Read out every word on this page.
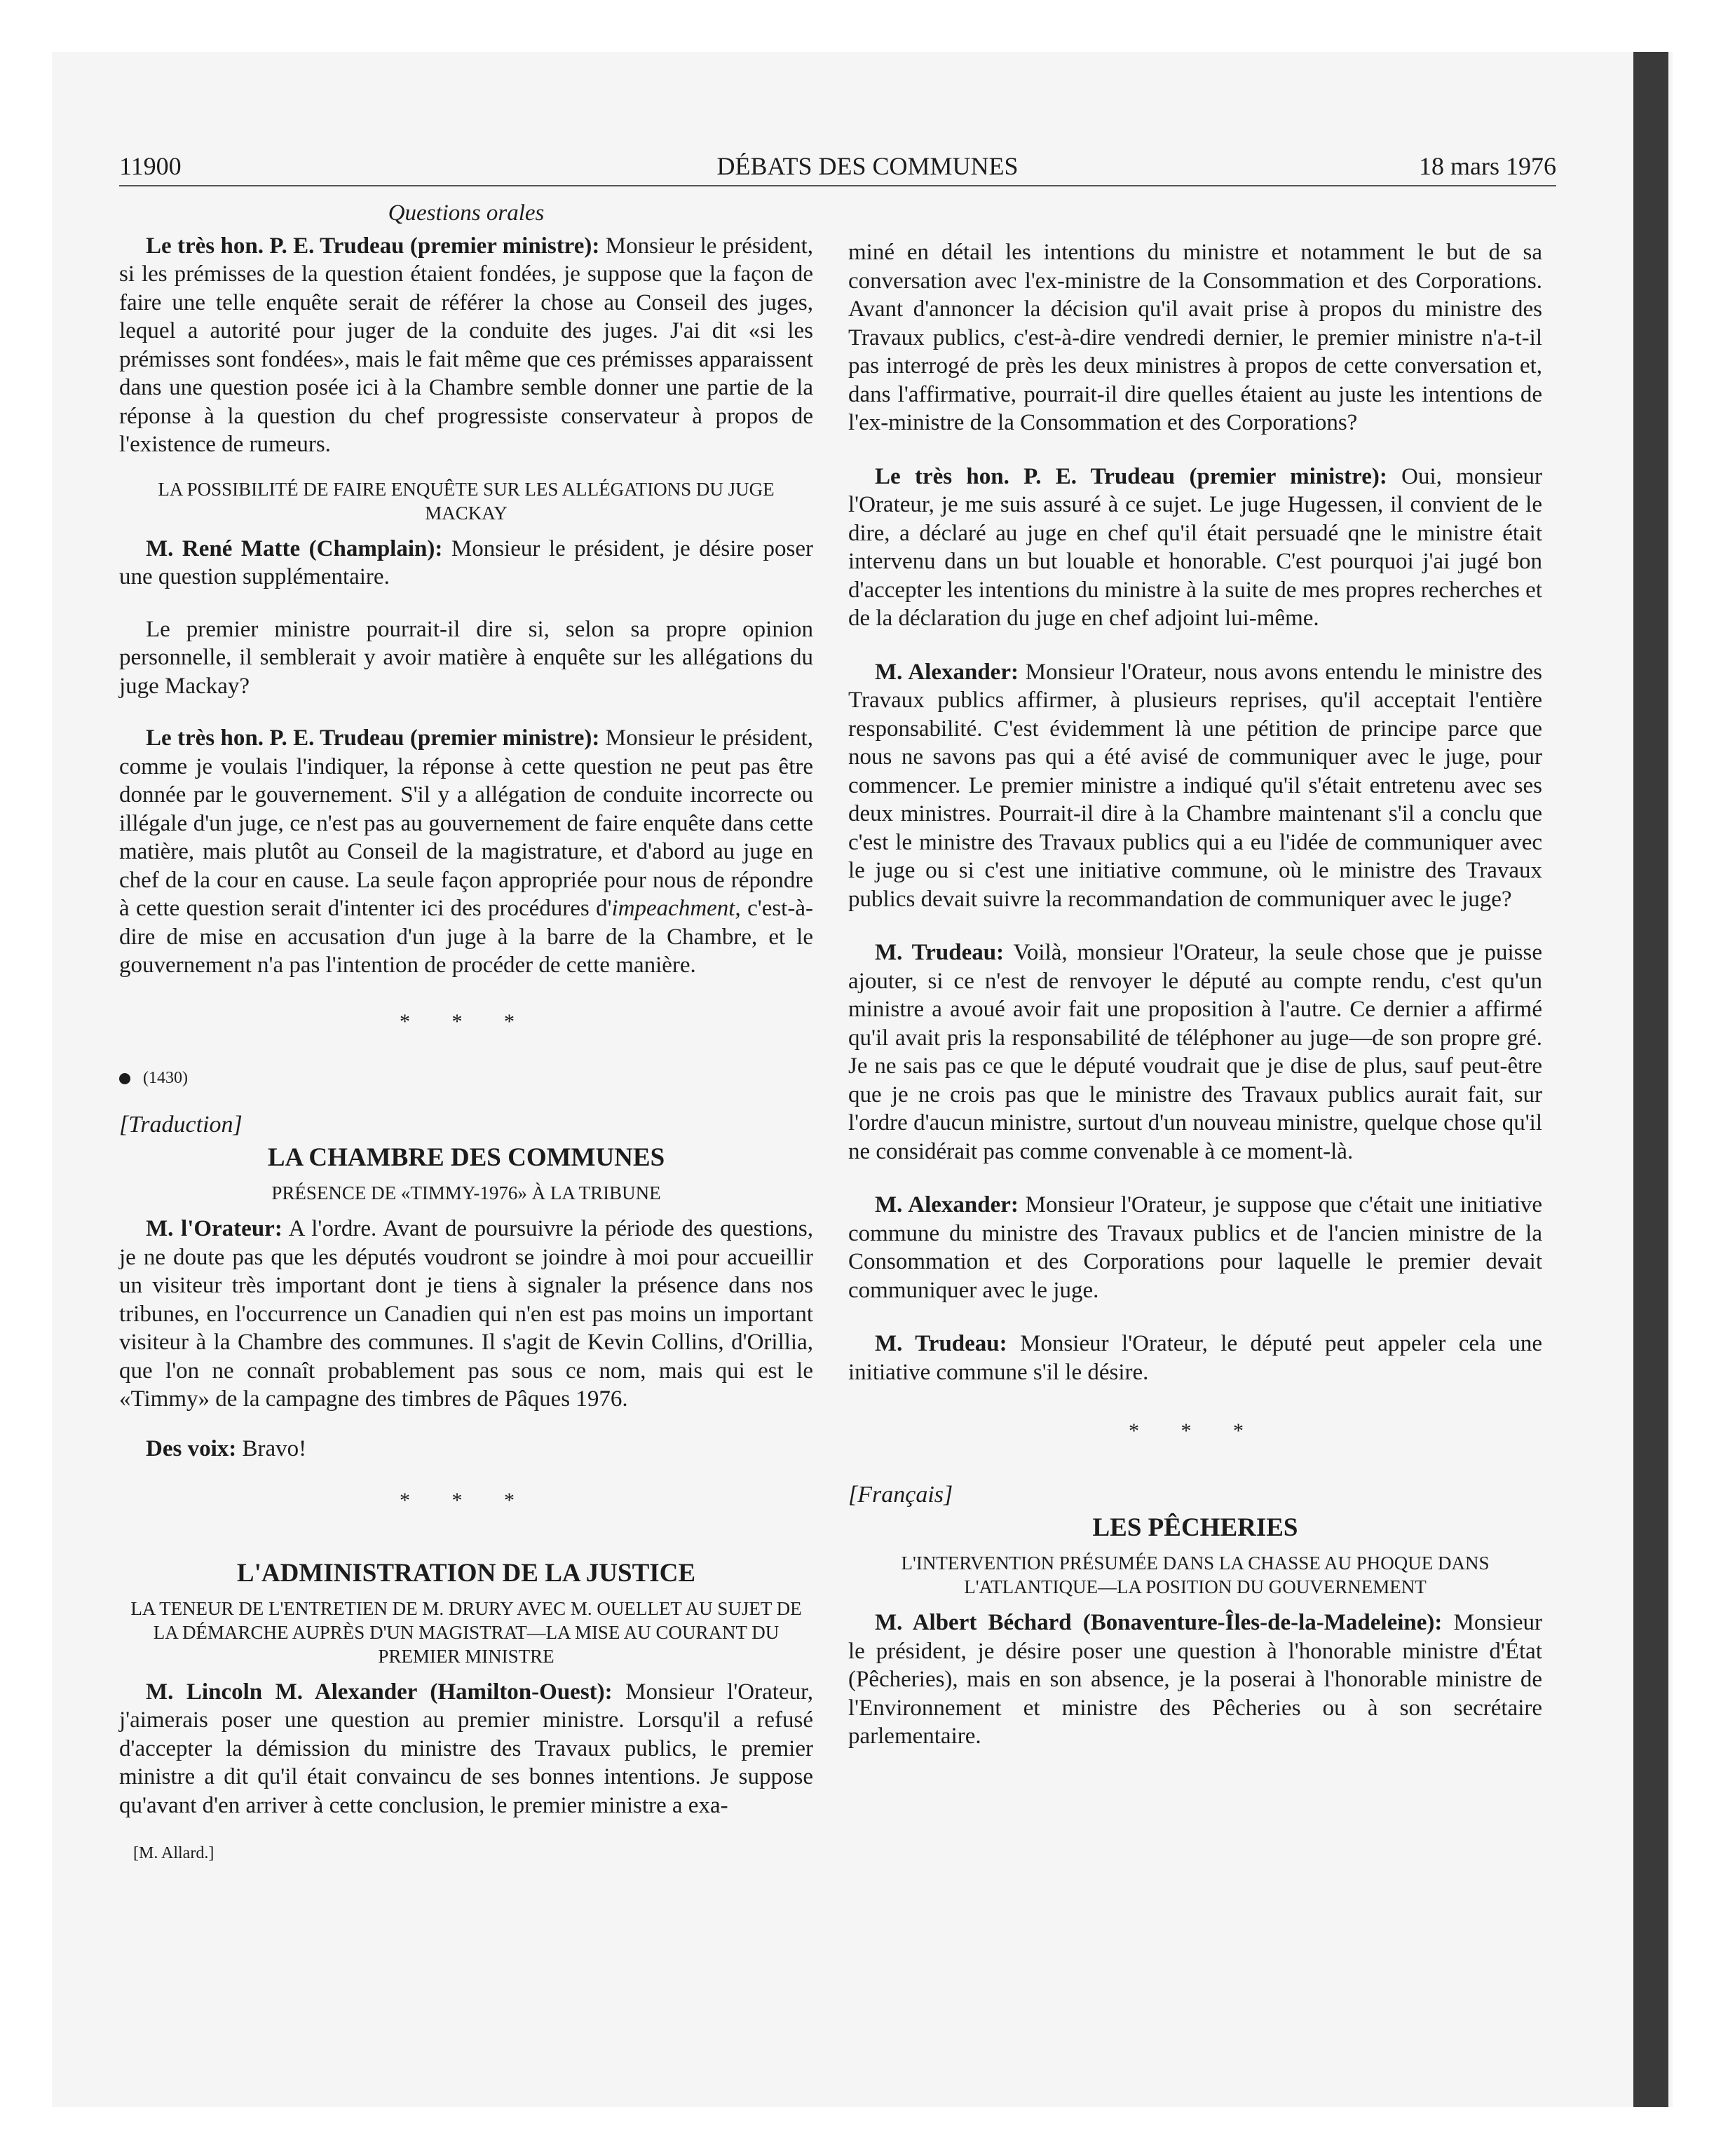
11900	DÉBATS DES COMMUNES	18 mars 1976
Questions orales

Le très hon. P. E. Trudeau (premier ministre): Monsieur le président, si les prémisses de la question étaient fondées, je suppose que la façon de faire une telle enquête serait de référer la chose au Conseil des juges, lequel a autorité pour juger de la conduite des juges. J'ai dit «si les prémisses sont fondées», mais le fait même que ces prémisses apparaissent dans une question posée ici à la Chambre semble donner une partie de la réponse à la question du chef progressiste conservateur à propos de l'existence de rumeurs.

LA POSSIBILITÉ DE FAIRE ENQUÊTE SUR LES ALLÉGATIONS DU JUGE MACKAY

M. René Matte (Champlain): Monsieur le président, je désire poser une question supplémentaire.

Le premier ministre pourrait-il dire si, selon sa propre opinion personnelle, il semblerait y avoir matière à enquête sur les allégations du juge Mackay?

Le très hon. P. E. Trudeau (premier ministre): Monsieur le président, comme je voulais l'indiquer, la réponse à cette question ne peut pas être donnée par le gouvernement. S'il y a allégation de conduite incorrecte ou illégale d'un juge, ce n'est pas au gouvernement de faire enquête dans cette matière, mais plutôt au Conseil de la magistrature, et d'abord au juge en chef de la cour en cause. La seule façon appropriée pour nous de répondre à cette question serait d'intenter ici des procédures d'impeachment, c'est-à-dire de mise en accusation d'un juge à la barre de la Chambre, et le gouvernement n'a pas l'intention de procéder de cette manière.

* * *
(1430)
[Traduction]
LA CHAMBRE DES COMMUNES
PRÉSENCE DE «TIMMY-1976» À LA TRIBUNE

M. l'Orateur: A l'ordre. Avant de poursuivre la période des questions, je ne doute pas que les députés voudront se joindre à moi pour accueillir un visiteur très important dont je tiens à signaler la présence dans nos tribunes, en l'occurrence un Canadien qui n'en est pas moins un important visiteur à la Chambre des communes. Il s'agit de Kevin Collins, d'Orillia, que l'on ne connaît probablement pas sous ce nom, mais qui est le «Timmy» de la campagne des timbres de Pâques 1976.

Des voix: Bravo!

* * *
L'ADMINISTRATION DE LA JUSTICE
LA TENEUR DE L'ENTRETIEN DE M. DRURY AVEC M. OUELLET AU SUJET DE LA DÉMARCHE AUPRÈS D'UN MAGISTRAT—LA MISE AU COURANT DU PREMIER MINISTRE

M. Lincoln M. Alexander (Hamilton-Ouest): Monsieur l'Orateur, j'aimerais poser une question au premier ministre. Lorsqu'il a refusé d'accepter la démission du ministre des Travaux publics, le premier ministre a dit qu'il était convaincu de ses bonnes intentions. Je suppose qu'avant d'en arriver à cette conclusion, le premier ministre a exa-

[M. Allard.]

miné en détail les intentions du ministre et notamment le but de sa conversation avec l'ex-ministre de la Consommation et des Corporations. Avant d'annoncer la décision qu'il avait prise à propos du ministre des Travaux publics, c'est-à-dire vendredi dernier, le premier ministre n'a-t-il pas interrogé de près les deux ministres à propos de cette conversation et, dans l'affirmative, pourrait-il dire quelles étaient au juste les intentions de l'ex-ministre de la Consommation et des Corporations?

Le très hon. P. E. Trudeau (premier ministre): Oui, monsieur l'Orateur, je me suis assuré à ce sujet. Le juge Hugessen, il convient de le dire, a déclaré au juge en chef qu'il était persuadé qne le ministre était intervenu dans un but louable et honorable. C'est pourquoi j'ai jugé bon d'accepter les intentions du ministre à la suite de mes propres recherches et de la déclaration du juge en chef adjoint lui-même.

M. Alexander: Monsieur l'Orateur, nous avons entendu le ministre des Travaux publics affirmer, à plusieurs reprises, qu'il acceptait l'entière responsabilité. C'est évidemment là une pétition de principe parce que nous ne savons pas qui a été avisé de communiquer avec le juge, pour commencer. Le premier ministre a indiqué qu'il s'était entretenu avec ses deux ministres. Pourrait-il dire à la Chambre maintenant s'il a conclu que c'est le ministre des Travaux publics qui a eu l'idée de communiquer avec le juge ou si c'est une initiative commune, où le ministre des Travaux publics devait suivre la recommandation de communiquer avec le juge?

M. Trudeau: Voilà, monsieur l'Orateur, la seule chose que je puisse ajouter, si ce n'est de renvoyer le député au compte rendu, c'est qu'un ministre a avoué avoir fait une proposition à l'autre. Ce dernier a affirmé qu'il avait pris la responsabilité de téléphoner au juge—de son propre gré. Je ne sais pas ce que le député voudrait que je dise de plus, sauf peut-être que je ne crois pas que le ministre des Travaux publics aurait fait, sur l'ordre d'aucun ministre, surtout d'un nouveau ministre, quelque chose qu'il ne considérait pas comme convenable à ce moment-là.

M. Alexander: Monsieur l'Orateur, je suppose que c'était une initiative commune du ministre des Travaux publics et de l'ancien ministre de la Consommation et des Corporations pour laquelle le premier devait communiquer avec le juge.

M. Trudeau: Monsieur l'Orateur, le député peut appeler cela une initiative commune s'il le désire.

* * *
[Français]
LES PÊCHERIES
L'INTERVENTION PRÉSUMÉE DANS LA CHASSE AU PHOQUE DANS L'ATLANTIQUE—LA POSITION DU GOUVERNEMENT

M. Albert Béchard (Bonaventure-Îles-de-la-Madeleine): Monsieur le président, je désire poser une question à l'honorable ministre d'État (Pêcheries), mais en son absence, je la poserai à l'honorable ministre de l'Environnement et ministre des Pêcheries ou à son secrétaire parlementaire.
